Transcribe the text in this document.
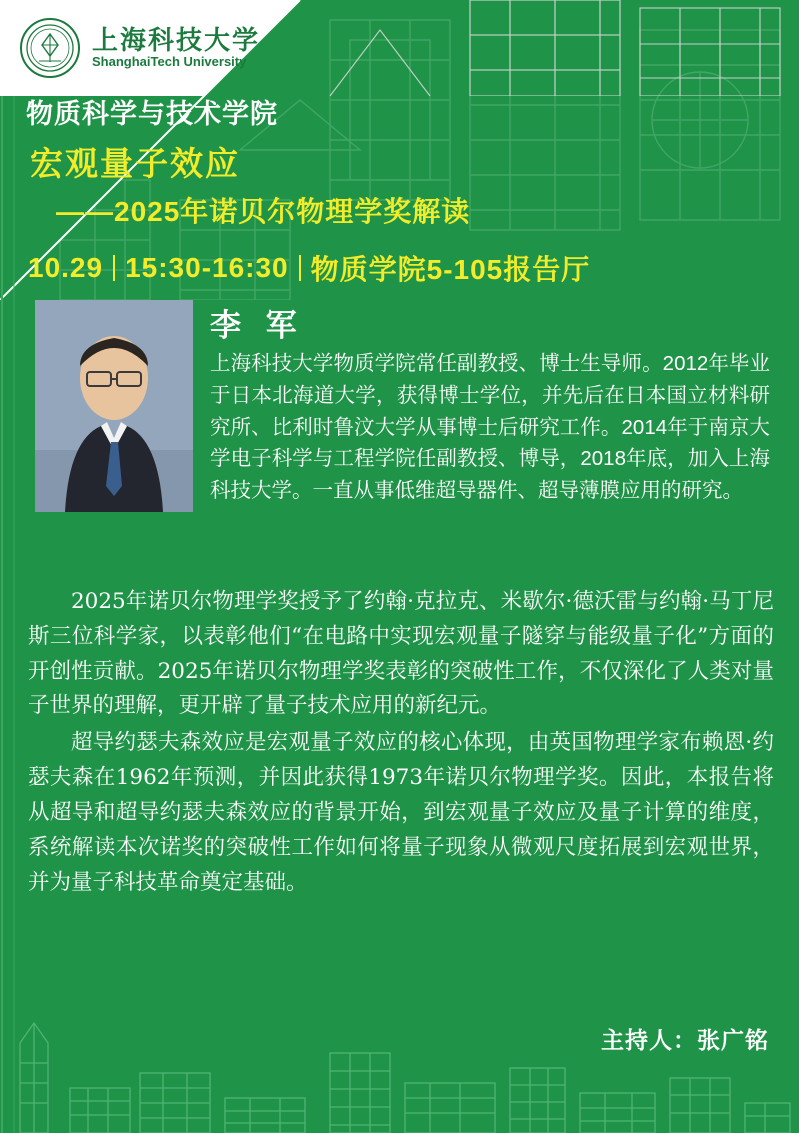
上海科技大学
ShanghaiTech University
物质科学与技术学院
宏观量子效应
——2025年诺贝尔物理学奖解读
10.29 15:30-16:30 物质学院5-105报告厅
李 军
上海科技大学物质学院常任副教授、博士生导师。2012年毕业于日本北海道大学，获得博士学位，并先后在日本国立材料研究所、比利时鲁汶大学从事博士后研究工作。2014年于南京大学电子科学与工程学院任副教授、博导，2018年底，加入上海科技大学。一直从事低维超导器件、超导薄膜应用的研究。

2025年诺贝尔物理学奖授予了约翰·克拉克、米歇尔·德沃雷与约翰·马丁尼斯三位科学家，以表彰他们“在电路中实现宏观量子隧穿与能级量子化”方面的开创性贡献。2025年诺贝尔物理学奖表彰的突破性工作，不仅深化了人类对量子世界的理解，更开辟了量子技术应用的新纪元。

超导约瑟夫森效应是宏观量子效应的核心体现，由英国物理学家布赖恩·约瑟夫森在1962年预测，并因此获得1973年诺贝尔物理学奖。因此，本报告将从超导和超导约瑟夫森效应的背景开始，到宏观量子效应及量子计算的维度，系统解读本次诺奖的突破性工作如何将量子现象从微观尺度拓展到宏观世界，并为量子科技革命奠定基础。

主持人：张广铭
